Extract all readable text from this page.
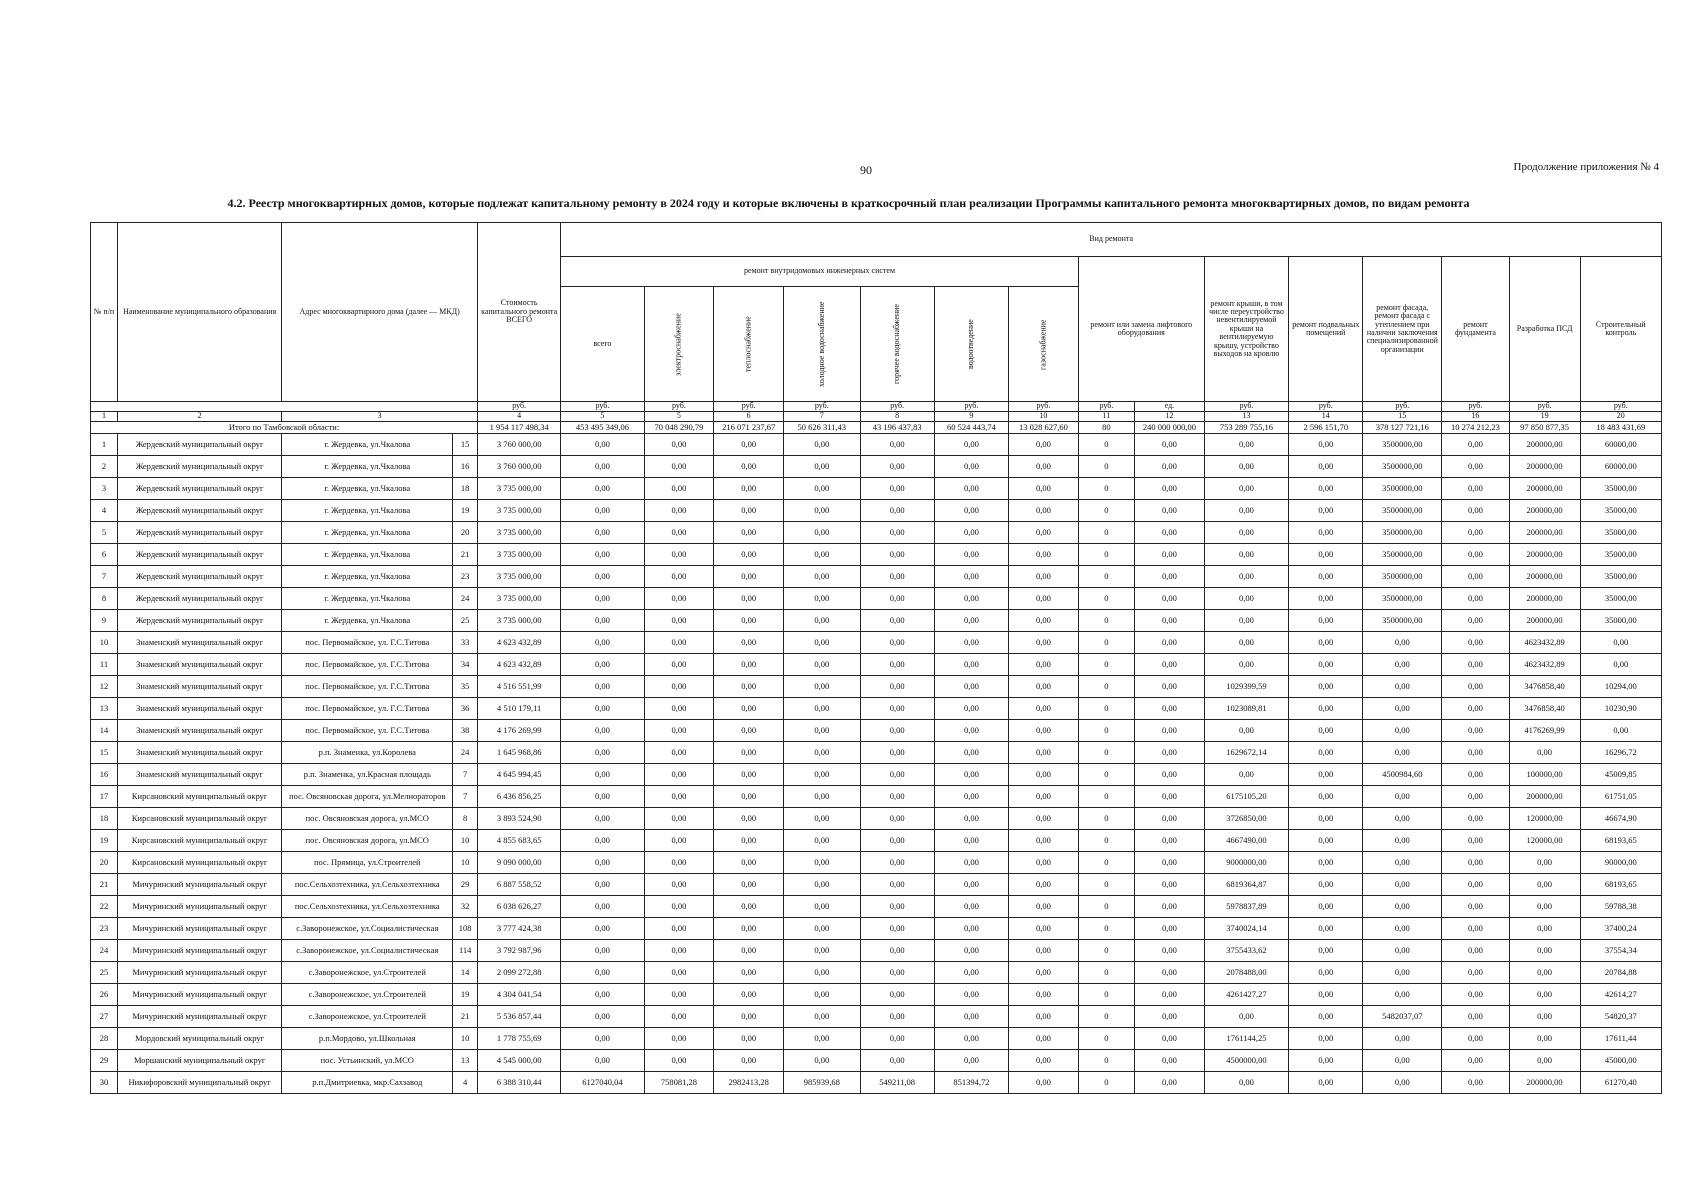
90	Продолжение приложения № 4
4.2. Реестр многоквартирных домов, которые подлежат капитальному ремонту в 2024 году и которые включены в краткосрочный план реализации Программы капитального ремонта многоквартирных домов, по видам ремонта
№ п/п	Наименование муниципального образования	Адрес многоквартирного дома (далее — МКД)		Стоимость капитального ремонта ВСЕГО	Вид ремонта														
					ремонт внутридомовых инженерных систем							ремонт или замена лифтового оборудования		ремонт крыши, в том числе переустройство невентилируемой крыши на вентилируемую крышу, устройство выходов на кровлю	ремонт подвальных помещений	ремонт фасада, ремонт фасада с утеплением при наличии заключения специализированной организации	ремонт фундамента	Разработка ПСД	Строительный контроль
					всего	электроснабжение	теплоснабжение	холодное водоснабжение	горячее водоснабжение	водоотведение	газоснабжение								
				руб.	руб.	руб.	руб.	руб.	руб.	руб.	руб.	руб.	ед.	руб.	руб.	руб.	руб.	руб.	руб.
1	2	3		4	5	5	6	7	8	9	10	11	12	13	14	15	16	19	20
Итого по Тамбовской области:				1 954 117 498,34	453 495 349,06	70 048 290,79	216 071 237,67	50 626 311,43	43 196 437,83	60 524 443,74	13 028 627,60	80	240 000 000,00	753 289 755,16	2 596 151,70	378 127 721,16	10 274 212,23	97 850 877,35	18 483 431,69
1	Жердевский муниципальный округ	г. Жердевка, ул.Чкалова	15	3 760 000,00	0,00	0,00	0,00	0,00	0,00	0,00	0,00	0	0,00	0,00	0,00	3500000,00	0,00	200000,00	60000,00
2	Жердевский муниципальный округ	г. Жердевка, ул.Чкалова	16	3 760 000,00	0,00	0,00	0,00	0,00	0,00	0,00	0,00	0	0,00	0,00	0,00	3500000,00	0,00	200000,00	60000,00
3	Жердевский муниципальный округ	г. Жердевка, ул.Чкалова	18	3 735 000,00	0,00	0,00	0,00	0,00	0,00	0,00	0,00	0	0,00	0,00	0,00	3500000,00	0,00	200000,00	35000,00
4	Жердевский муниципальный округ	г. Жердевка, ул.Чкалова	19	3 735 000,00	0,00	0,00	0,00	0,00	0,00	0,00	0,00	0	0,00	0,00	0,00	3500000,00	0,00	200000,00	35000,00
5	Жердевский муниципальный округ	г. Жердевка, ул.Чкалова	20	3 735 000,00	0,00	0,00	0,00	0,00	0,00	0,00	0,00	0	0,00	0,00	0,00	3500000,00	0,00	200000,00	35000,00
6	Жердевский муниципальный округ	г. Жердевка, ул.Чкалова	21	3 735 000,00	0,00	0,00	0,00	0,00	0,00	0,00	0,00	0	0,00	0,00	0,00	3500000,00	0,00	200000,00	35000,00
7	Жердевский муниципальный округ	г. Жердевка, ул.Чкалова	23	3 735 000,00	0,00	0,00	0,00	0,00	0,00	0,00	0,00	0	0,00	0,00	0,00	3500000,00	0,00	200000,00	35000,00
8	Жердевский муниципальный округ	г. Жердевка, ул.Чкалова	24	3 735 000,00	0,00	0,00	0,00	0,00	0,00	0,00	0,00	0	0,00	0,00	0,00	3500000,00	0,00	200000,00	35000,00
9	Жердевский муниципальный округ	г. Жердевка, ул.Чкалова	25	3 735 000,00	0,00	0,00	0,00	0,00	0,00	0,00	0,00	0	0,00	0,00	0,00	3500000,00	0,00	200000,00	35000,00
10	Знаменский муниципальный округ	пос. Первомайское, ул. Г.С.Титова	33	4 623 432,89	0,00	0,00	0,00	0,00	0,00	0,00	0,00	0	0,00	0,00	0,00	0,00	0,00	4623432,89	0,00
11	Знаменский муниципальный округ	пос. Первомайское, ул. Г.С.Титова	34	4 623 432,89	0,00	0,00	0,00	0,00	0,00	0,00	0,00	0	0,00	0,00	0,00	0,00	0,00	4623432,89	0,00
12	Знаменский муниципальный округ	пос. Первомайское, ул. Г.С.Титова	35	4 516 551,99	0,00	0,00	0,00	0,00	0,00	0,00	0,00	0	0,00	1029399,59	0,00	0,00	0,00	3476858,40	10294,00
13	Знаменский муниципальный округ	пос. Первомайское, ул. Г.С.Титова	36	4 510 179,11	0,00	0,00	0,00	0,00	0,00	0,00	0,00	0	0,00	1023089,81	0,00	0,00	0,00	3476858,40	10230,90
14	Знаменский муниципальный округ	пос. Первомайское, ул. Г.С.Титова	38	4 176 269,99	0,00	0,00	0,00	0,00	0,00	0,00	0,00	0	0,00	0,00	0,00	0,00	0,00	4176269,99	0,00
15	Знаменский муниципальный округ	р.п. Знаменка, ул.Королева	24	1 645 968,86	0,00	0,00	0,00	0,00	0,00	0,00	0,00	0	0,00	1629672,14	0,00	0,00	0,00	0,00	16296,72
16	Знаменский муниципальный округ	р.п. Знаменка, ул.Красная площадь	7	4 645 994,45	0,00	0,00	0,00	0,00	0,00	0,00	0,00	0	0,00	0,00	0,00	4500984,60	0,00	100000,00	45009,85
17	Кирсановский муниципальный округ	пос. Овсяновская дорога, ул.Мелиораторов	7	6 436 856,25	0,00	0,00	0,00	0,00	0,00	0,00	0,00	0	0,00	6175105,20	0,00	0,00	0,00	200000,00	61751,05
18	Кирсановский муниципальный округ	пос. Овсяновская дорога, ул.МСО	8	3 893 524,90	0,00	0,00	0,00	0,00	0,00	0,00	0,00	0	0,00	3726850,00	0,00	0,00	0,00	120000,00	46674,90
19	Кирсановский муниципальный округ	пос. Овсяновская дорога, ул.МСО	10	4 855 683,65	0,00	0,00	0,00	0,00	0,00	0,00	0,00	0	0,00	4667490,00	0,00	0,00	0,00	120000,00	68193,65
20	Кирсановский муниципальный округ	пос. Прямица, ул.Строителей	10	9 090 000,00	0,00	0,00	0,00	0,00	0,00	0,00	0,00	0	0,00	9000000,00	0,00	0,00	0,00	0,00	90000,00
21	Мичуринский муниципальный округ	пос.Сельхозтехника, ул.Сельхозтехника	29	6 887 558,52	0,00	0,00	0,00	0,00	0,00	0,00	0,00	0	0,00	6819364,87	0,00	0,00	0,00	0,00	68193,65
22	Мичуринский муниципальный округ	пос.Сельхозтехника, ул.Сельхозтехника	32	6 038 626,27	0,00	0,00	0,00	0,00	0,00	0,00	0,00	0	0,00	5978837,89	0,00	0,00	0,00	0,00	59788,38
23	Мичуринский муниципальный округ	с.Заворонежское, ул.Социалистическая	108	3 777 424,38	0,00	0,00	0,00	0,00	0,00	0,00	0,00	0	0,00	3740024,14	0,00	0,00	0,00	0,00	37400,24
24	Мичуринский муниципальный округ	с.Заворонежское, ул.Социалистическая	114	3 792 987,96	0,00	0,00	0,00	0,00	0,00	0,00	0,00	0	0,00	3755433,62	0,00	0,00	0,00	0,00	37554,34
25	Мичуринский муниципальный округ	с.Заворонежское, ул.Строителей	14	2 099 272,88	0,00	0,00	0,00	0,00	0,00	0,00	0,00	0	0,00	2078488,00	0,00	0,00	0,00	0,00	20784,88
26	Мичуринский муниципальный округ	с.Заворонежское, ул.Строителей	19	4 304 041,54	0,00	0,00	0,00	0,00	0,00	0,00	0,00	0	0,00	4261427,27	0,00	0,00	0,00	0,00	42614,27
27	Мичуринский муниципальный округ	с.Заворонежское, ул.Строителей	21	5 536 857,44	0,00	0,00	0,00	0,00	0,00	0,00	0,00	0	0,00	0,00	0,00	5482037,07	0,00	0,00	54820,37
28	Мордовский муниципальный округ	р.п.Мордово, ул.Школьная	10	1 778 755,69	0,00	0,00	0,00	0,00	0,00	0,00	0,00	0	0,00	1761144,25	0,00	0,00	0,00	0,00	17611,44
29	Моршанский муниципальный округ	пос. Устьинский, ул.МСО	13	4 545 000,00	0,00	0,00	0,00	0,00	0,00	0,00	0,00	0	0,00	4500000,00	0,00	0,00	0,00	0,00	45000,00
30	Никифоровский муниципальный округ	р.п.Дмитриевка, мкр.Сахзавод	4	6 388 310,44	6127040,04	758081,28	2982413,28	985939,68	549211,08	851394,72	0,00	0	0,00	0,00	0,00	0,00	0,00	200000,00	61270,40
